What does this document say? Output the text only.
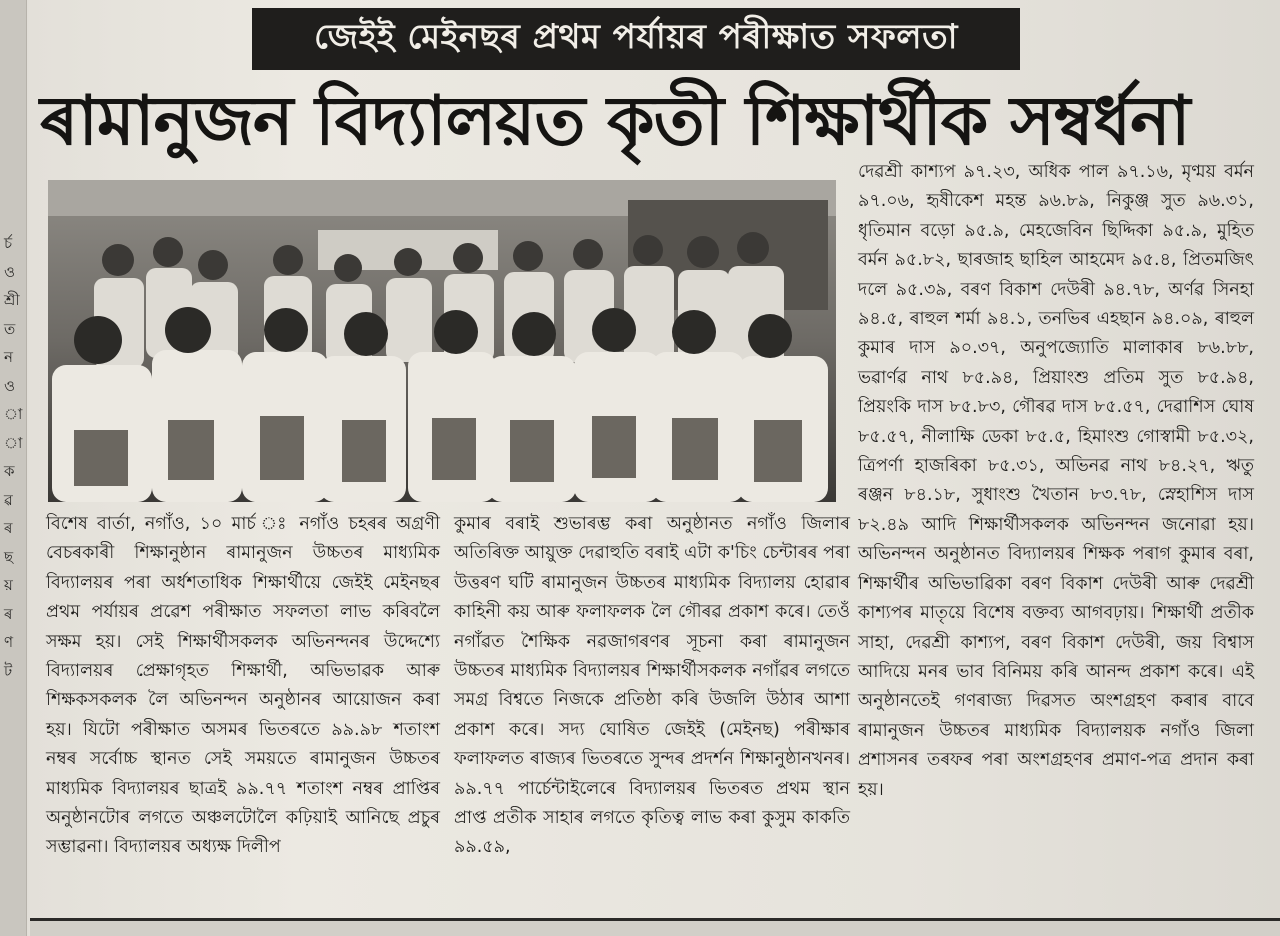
ৰ্চ
ও
শ্ৰী
ত
ন
ও
া
া
ক
ৱ
ৰ
ছ
য়
ৰ
ণ
ট
জেইই মেইনছৰ প্ৰথম পৰ্যায়ৰ পৰীক্ষাত সফলতা
ৰামানুজন বিদ্যালয়ত কৃতী শিক্ষাৰ্থীক সম্বৰ্ধনা

বিশেষ বাৰ্তা, নগাঁও, ১০ মাৰ্চ ঃ নগাঁও চহৰৰ অগ্ৰণী বেচৰকাৰী শিক্ষানুষ্ঠান ৰামানুজন উচ্চতৰ মাধ্যমিক বিদ্যালয়ৰ পৰা অৰ্ধশতাধিক শিক্ষাৰ্থীয়ে জেইই মেইনছৰ প্ৰথম পৰ্যায়ৰ প্ৰৱেশ পৰীক্ষাত সফলতা লাভ কৰিবলৈ সক্ষম হয়। সেই শিক্ষাৰ্থীসকলক অভিনন্দনৰ উদ্দেশ্যে বিদ্যালয়ৰ প্ৰেক্ষাগৃহত শিক্ষাৰ্থী, অভিভাৱক আৰু শিক্ষকসকলক লৈ অভিনন্দন অনুষ্ঠানৰ আয়োজন কৰা হয়। যিটো পৰীক্ষাত অসমৰ ভিতৰতে ৯৯.৯৮ শতাংশ নম্বৰ সৰ্বোচ্চ স্থানত সেই সময়তে ৰামানুজন উচ্চতৰ মাধ্যমিক বিদ্যালয়ৰ ছাত্ৰই ৯৯.৭৭ শতাংশ নম্বৰ প্ৰাপ্তিৰ অনুষ্ঠানটোৰ লগতে অঞ্চলটোলৈ কঢ়িয়াই আনিছে প্ৰচুৰ সম্ভাৱনা। বিদ্যালয়ৰ অধ্যক্ষ দিলীপ

কুমাৰ বৰাই শুভাৰম্ভ কৰা অনুষ্ঠানত নগাঁও জিলাৰ অতিৰিক্ত আয়ুক্ত দেৱাহুতি বৰাই এটা ক'চিং চেন্টাৰৰ পৰা উত্তৰণ ঘটি ৰামানুজন উচ্চতৰ মাধ্যমিক বিদ্যালয় হোৱাৰ কাহিনী কয় আৰু ফলাফলক লৈ গৌৰৱ প্ৰকাশ কৰে। তেওঁ নগাঁৱত শৈক্ষিক নৱজাগৰণৰ সূচনা কৰা ৰামানুজন উচ্চতৰ মাধ্যমিক বিদ্যালয়ৰ শিক্ষাৰ্থীসকলক নগাঁৱৰ লগতে সমগ্ৰ বিশ্বতে নিজকে প্ৰতিষ্ঠা কৰি উজলি উঠাৰ আশা প্ৰকাশ কৰে। সদ্য ঘোষিত জেইই (মেইনছ) পৰীক্ষাৰ ফলাফলত ৰাজ্যৰ ভিতৰতে সুন্দৰ প্ৰদৰ্শন শিক্ষানুষ্ঠানখনৰ। ৯৯.৭৭ পাৰ্চেন্টাইলেৰে বিদ্যালয়ৰ ভিতৰত প্ৰথম স্থান প্ৰাপ্ত প্ৰতীক সাহাৰ লগতে কৃতিত্ব লাভ কৰা কুসুম কাকতি ৯৯.৫৯,

দেৱশ্ৰী কাশ্যপ ৯৭.২৩, অধিক পাল ৯৭.১৬, মৃণ্ময় বৰ্মন ৯৭.০৬, হৃষীকেশ মহন্ত ৯৬.৮৯, নিকুঞ্জ সুত ৯৬.৩১, ধৃতিমান বড়ো ৯৫.৯, মেহজেবিন ছিদ্দিকা ৯৫.৯, মুহিত বৰ্মন ৯৫.৮২, ছাৰজাহ ছাহিল আহমেদ ৯৫.৪, প্ৰিতমজিৎ দলে ৯৫.৩৯, বৰণ বিকাশ দেউৰী ৯৪.৭৮, অৰ্ণৱ সিনহা ৯৪.৫, ৰাহুল শৰ্মা ৯৪.১, তনভিৰ এহছান ৯৪.০৯, ৰাহুল কুমাৰ দাস ৯০.৩৭, অনুপজ্যোতি মালাকাৰ ৮৬.৮৮, ভৱাৰ্ণৱ নাথ ৮৫.৯৪, প্ৰিয়াংশু প্ৰতিম সুত ৮৫.৯৪, প্ৰিয়ংকি দাস ৮৫.৮৩, গৌৰৱ দাস ৮৫.৫৭, দেৱাশিস ঘোষ ৮৫.৫৭, নীলাক্ষি ডেকা ৮৫.৫, হিমাংশু গোস্বামী ৮৫.৩২, ত্ৰিপৰ্ণা হাজৰিকা ৮৫.৩১, অভিনৱ নাথ ৮৪.২৭, ঋতু ৰঞ্জন ৮৪.১৮, সুধাংশু খৈতান ৮৩.৭৮, স্নেহাশিস দাস ৮২.৪৯ আদি শিক্ষাৰ্থীসকলক অভিনন্দন জনোৱা হয়। অভিনন্দন অনুষ্ঠানত বিদ্যালয়ৰ শিক্ষক পৰাগ কুমাৰ বৰা, শিক্ষাৰ্থীৰ অভিভাৱিকা বৰণ বিকাশ দেউৰী আৰু দেৱশ্ৰী কাশ্যপৰ মাতৃয়ে বিশেষ বক্তব্য আগবঢ়ায়। শিক্ষাৰ্থী প্ৰতীক সাহা, দেৱশ্ৰী কাশ্যপ, বৰণ বিকাশ দেউৰী, জয় বিশ্বাস আদিয়ে মনৰ ভাব বিনিময় কৰি আনন্দ প্ৰকাশ কৰে। এই অনুষ্ঠানতেই গণৰাজ্য দিৱসত অংশগ্ৰহণ কৰাৰ বাবে ৰামানুজন উচ্চতৰ মাধ্যমিক বিদ্যালয়ক নগাঁও জিলা প্ৰশাসনৰ তৰফৰ পৰা অংশগ্ৰহণৰ প্ৰমাণ-পত্ৰ প্ৰদান কৰা হয়।
